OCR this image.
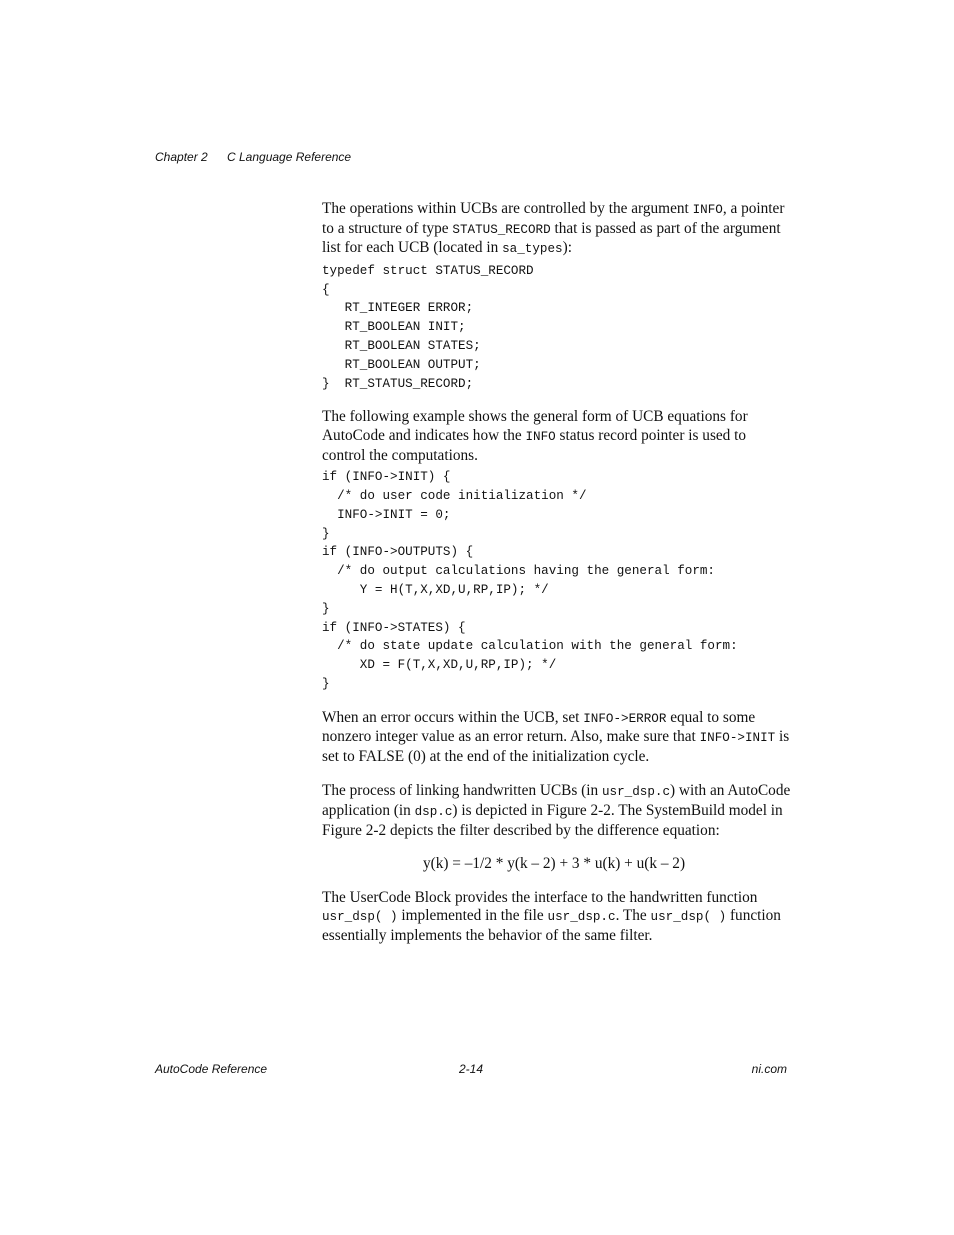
Chapter 2 C Language Reference

The operations within UCBs are controlled by the argument INFO, a pointer to a structure of type STATUS_RECORD that is passed as part of the argument list for each UCB (located in sa_types):

typedef struct STATUS_RECORD
{
RT_INTEGER ERROR;
RT_BOOLEAN INIT;
RT_BOOLEAN STATES;
RT_BOOLEAN OUTPUT;
}  RT_STATUS_RECORD;

The following example shows the general form of UCB equations for AutoCode and indicates how the INFO status record pointer is used to control the computations.

if (INFO->INIT) {
/* do user code initialization */
INFO->INIT = 0;
}
if (INFO->OUTPUTS) {
/* do output calculations having the general form:
Y = H(T,X,XD,U,RP,IP); */
}
if (INFO->STATES) {
/* do state update calculation with the general form:
XD = F(T,X,XD,U,RP,IP); */
}

When an error occurs within the UCB, set INFO->ERROR equal to some nonzero integer value as an error return. Also, make sure that INFO->INIT is set to FALSE (0) at the end of the initialization cycle.

The process of linking handwritten UCBs (in usr_dsp.c) with an AutoCode application (in dsp.c) is depicted in Figure 2-2. The SystemBuild model in Figure 2-2 depicts the filter described by the difference equation:

y(k) = –1/2 * y(k – 2) + 3 * u(k) + u(k – 2)

The UserCode Block provides the interface to the handwritten function usr_dsp( ) implemented in the file usr_dsp.c. The usr_dsp( ) function essentially implements the behavior of the same filter.

AutoCode Reference	2-14	ni.com
